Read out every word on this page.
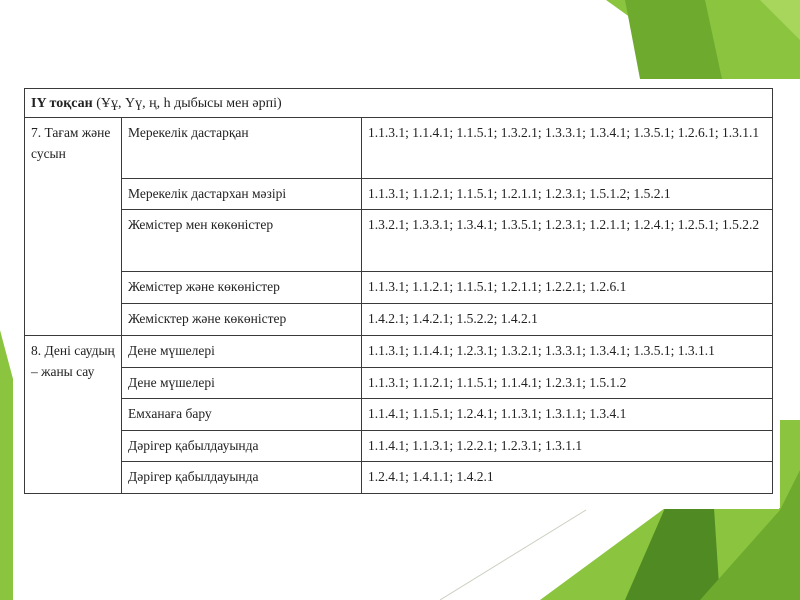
IY тоқсан (Ұұ, Үү, ң, һ дыбысы мен әрпі)		
7. Тағам және сусын	Мерекелік дастарқан	1.1.3.1; 1.1.4.1; 1.1.5.1; 1.3.2.1; 1.3.3.1; 1.3.4.1; 1.3.5.1; 1.2.6.1; 1.3.1.1
	Мерекелік дастархан мәзірі	1.1.3.1; 1.1.2.1; 1.1.5.1; 1.2.1.1; 1.2.3.1; 1.5.1.2; 1.5.2.1
	Жемістер мен көкөністер	1.3.2.1; 1.3.3.1; 1.3.4.1; 1.3.5.1; 1.2.3.1; 1.2.1.1; 1.2.4.1; 1.2.5.1; 1.5.2.2
	Жемістер және көкөністер	1.1.3.1; 1.1.2.1; 1.1.5.1; 1.2.1.1; 1.2.2.1; 1.2.6.1
	Жемісктер және көкөністер	1.4.2.1; 1.4.2.1; 1.5.2.2; 1.4.2.1
8. Дені саудың – жаны сау	Дене мүшелері	1.1.3.1; 1.1.4.1; 1.2.3.1; 1.3.2.1; 1.3.3.1; 1.3.4.1; 1.3.5.1; 1.3.1.1
	Дене мүшелері	1.1.3.1; 1.1.2.1; 1.1.5.1; 1.1.4.1; 1.2.3.1; 1.5.1.2
	Емханаға бару	1.1.4.1; 1.1.5.1; 1.2.4.1; 1.1.3.1; 1.3.1.1; 1.3.4.1
	Дәрігер қабылдауында	1.1.4.1; 1.1.3.1; 1.2.2.1; 1.2.3.1; 1.3.1.1
	Дәрігер қабылдауында	1.2.4.1; 1.4.1.1; 1.4.2.1
